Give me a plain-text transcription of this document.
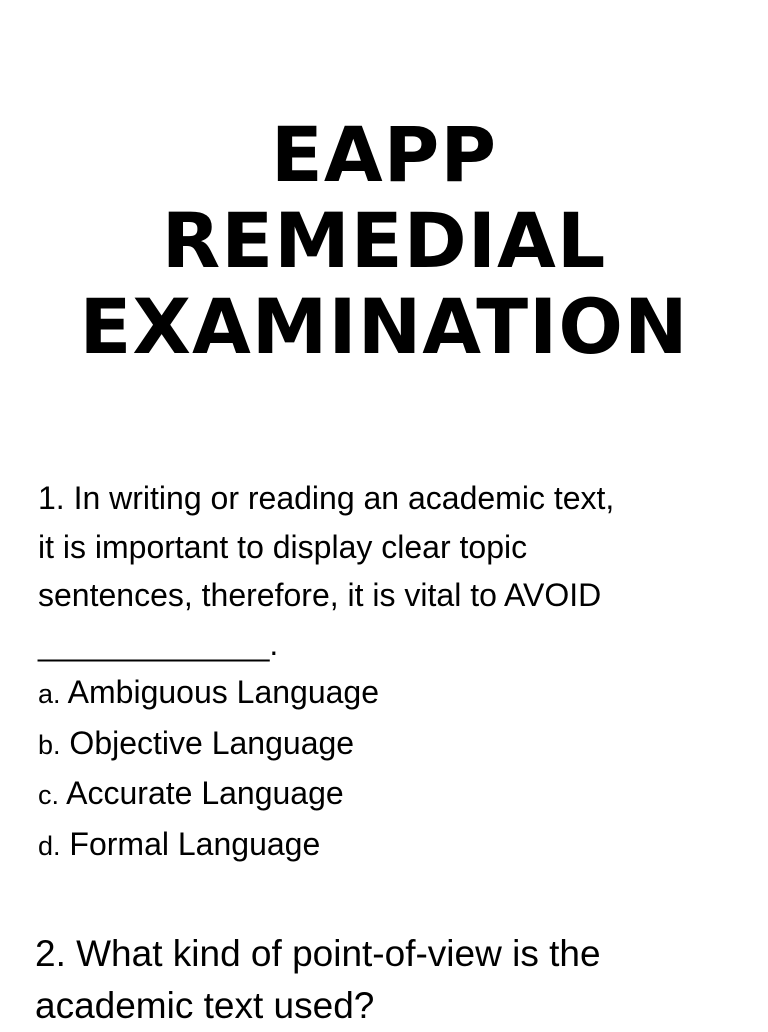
EAPP
REMEDIAL
EXAMINATION
1. In writing or reading an academic text,
it is important to display clear topic
sentences, therefore, it is vital to AVOID
_____________.
a. Ambiguous Language
b. Objective Language
c. Accurate Language
d. Formal Language
2. What kind of point-of-view is the
academic text used?
